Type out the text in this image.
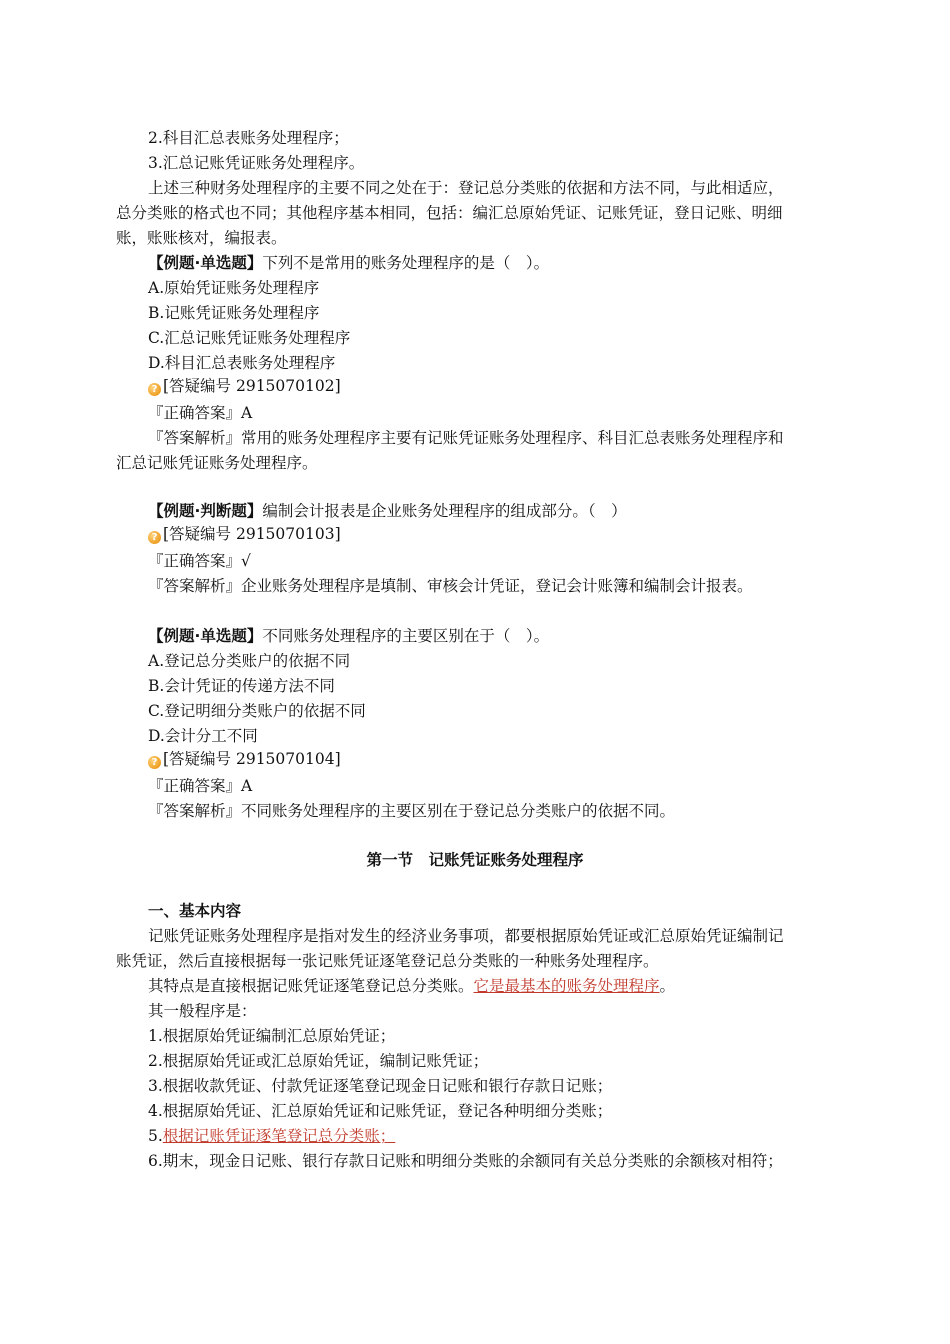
2.科目汇总表账务处理程序；
3.汇总记账凭证账务处理程序。
上述三种财务处理程序的主要不同之处在于：登记总分类账的依据和方法不同，与此相适应，
总分类账的格式也不同；其他程序基本相同，包括：编汇总原始凭证、记账凭证，登日记账、明细
账，账账核对，编报表。
【例题·单选题】下列不是常用的账务处理程序的是（　）。
A.原始凭证账务处理程序
B.记账凭证账务处理程序
C.汇总记账凭证账务处理程序
D.科目汇总表账务处理程序
? [答疑编号 2915070102]
『正确答案』A
『答案解析』常用的账务处理程序主要有记账凭证账务处理程序、科目汇总表账务处理程序和
汇总记账凭证账务处理程序。
【例题·判断题】编制会计报表是企业账务处理程序的组成部分。（　）
? [答疑编号 2915070103]
『正确答案』√
『答案解析』企业账务处理程序是填制、审核会计凭证，登记会计账簿和编制会计报表。
【例题·单选题】不同账务处理程序的主要区别在于（　）。
A.登记总分类账户的依据不同
B.会计凭证的传递方法不同
C.登记明细分类账户的依据不同
D.会计分工不同
? [答疑编号 2915070104]
『正确答案』A
『答案解析』不同账务处理程序的主要区别在于登记总分类账户的依据不同。
第一节　记账凭证账务处理程序
一、基本内容
记账凭证账务处理程序是指对发生的经济业务事项，都要根据原始凭证或汇总原始凭证编制记
账凭证，然后直接根据每一张记账凭证逐笔登记总分类账的一种账务处理程序。
其特点是直接根据记账凭证逐笔登记总分类账。它是最基本的账务处理程序。
其一般程序是：
1.根据原始凭证编制汇总原始凭证；
2.根据原始凭证或汇总原始凭证，编制记账凭证；
3.根据收款凭证、付款凭证逐笔登记现金日记账和银行存款日记账；
4.根据原始凭证、汇总原始凭证和记账凭证，登记各种明细分类账；
5.根据记账凭证逐笔登记总分类账；
6.期末，现金日记账、银行存款日记账和明细分类账的余额同有关总分类账的余额核对相符；
